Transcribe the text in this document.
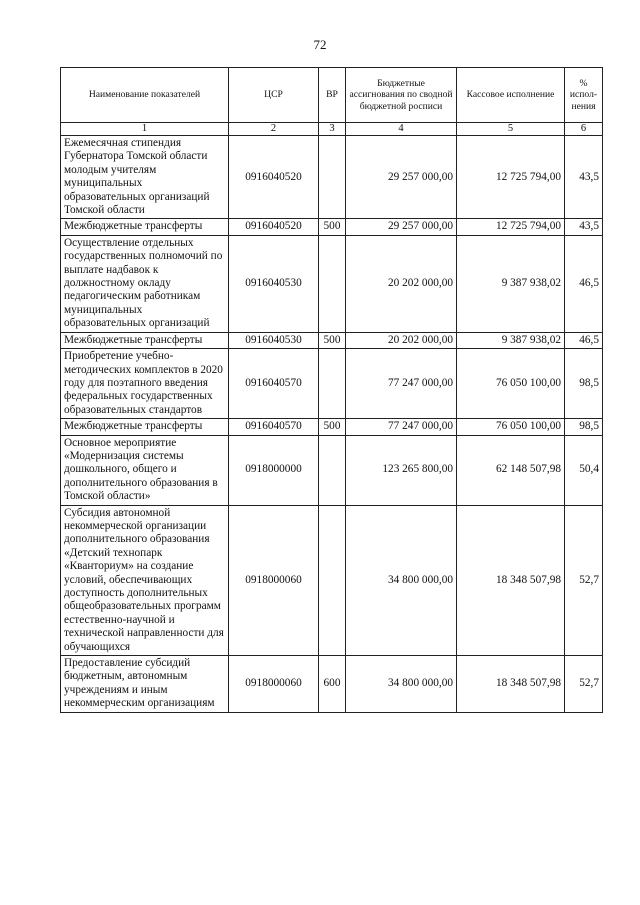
72
Наименование показателей	ЦСР	ВР	Бюджетные ассигнования по сводной бюджетной росписи	Кассовое исполнение	% испол-нения
1	2	3	4	5	6
Ежемесячная стипендия Губернатора Томской области молодым учителям муниципальных образовательных организаций Томской области	0916040520		29 257 000,00	12 725 794,00	43,5
Межбюджетные трансферты	0916040520	500	29 257 000,00	12 725 794,00	43,5
Осуществление отдельных государственных полномочий по выплате надбавок к должностному окладу педагогическим работникам муниципальных образовательных организаций	0916040530		20 202 000,00	9 387 938,02	46,5
Межбюджетные трансферты	0916040530	500	20 202 000,00	9 387 938,02	46,5
Приобретение учебно-методических комплектов в 2020 году для поэтапного введения федеральных государственных образовательных стандартов	0916040570		77 247 000,00	76 050 100,00	98,5
Межбюджетные трансферты	0916040570	500	77 247 000,00	76 050 100,00	98,5
Основное мероприятие «Модернизация системы дошкольного, общего и дополнительного образования в Томской области»	0918000000		123 265 800,00	62 148 507,98	50,4
Субсидия автономной некоммерческой организации дополнительного образования «Детский технопарк «Кванториум» на создание условий, обеспечивающих доступность дополнительных общеобразовательных программ естественно-научной и технической направленности для обучающихся	0918000060		34 800 000,00	18 348 507,98	52,7
Предоставление субсидий бюджетным, автономным учреждениям и иным некоммерческим организациям	0918000060	600	34 800 000,00	18 348 507,98	52,7
